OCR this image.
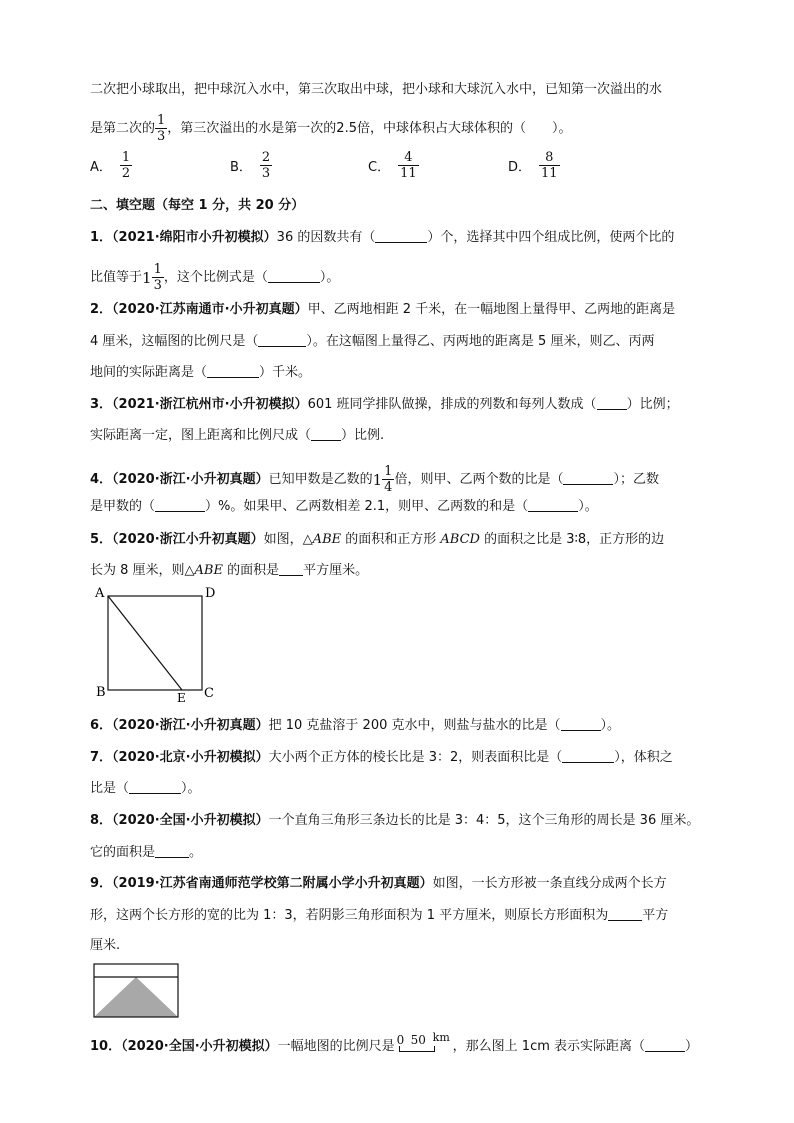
二次把小球取出，把中球沉入水中，第三次取出中球，把小球和大球沉入水中，已知第一次溢出的水
是第二次的 $\frac{1}{3}$ ，第三次溢出的水是第一次的2.5倍，中球体积占大球体积的（　　）。
A． $\frac{1}{2}$	B． $\frac{2}{3}$	C． $\frac{4}{11}$	D． $\frac{8}{11}$
二、填空题（每空 1 分，共 20 分）
1．（2021·绵阳市小升初模拟）36 的因数共有（	）个，选择其中四个组成比例，使两个比的
比值等于$1 \frac{1}{3}$ ，这个比例式是（	）。
2．（2020·江苏南通市·小升初真题）甲、乙两地相距 2 千米，在一幅地图上量得甲、乙两地的距离是
4 厘米，这幅图的比例尺是（	）。在这幅图上量得乙、丙两地的距离是 5 厘米，则乙、丙两
地间的实际距离是（	）千米。
3．（2021·浙江杭州市·小升初模拟）601 班同学排队做操，排成的列数和每列人数成（ ）比例；
实际距离一定，图上距离和比例尺成（ ）比例.
4．（2020·浙江·小升初真题）已知甲数是乙数的$1 \frac{1}{4}$ 倍，则甲、乙两个数的比是（	）；乙数
是甲数的（	）%。如果甲、乙两数相差 2.1，则甲、乙两数的和是（	）。
5．（2020·浙江小升初真题）如图，△ABE 的面积和正方形 ABCD 的面积之比是 3∶8，正方形的边
长为 8 厘米，则△ABE 的面积是 平方厘米。
A	D
B	C
E
6．（2020·浙江·小升初真题）把 10 克盐溶于 200 克水中，则盐与盐水的比是（	）。
7．（2020·北京·小升初模拟）大小两个正方体的棱长比是 3：2，则表面积比是（	），体积之
比是（	）。
8．（2020·全国·小升初模拟）一个直角三角形三条边长的比是 3：4：5，这个三角形的周长是 36 厘米。
它的面积是	。
9．（2019·江苏省南通师范学校第二附属小学小升初真题）如图，一长方形被一条直线分成两个长方
形，这两个长方形的宽的比为 1：3，若阴影三角形面积为 1 平方厘米，则原长方形面积为	平方
厘米.
10．（2020·全国·小升初模拟）一幅地图的比例尺是 0 50 km
，那么图上 1cm 表示实际距离（	）
